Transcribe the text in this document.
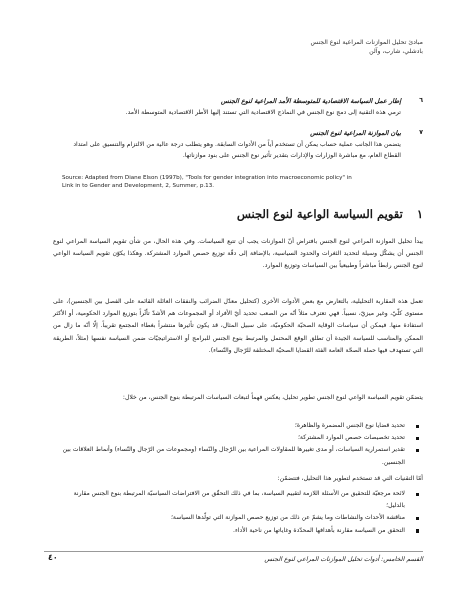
مبادئ تحليل الموازنات المراعية لنوع الجنس
بادشلي، شارب، وآلن
٦
إطار عمل السياسة الاقتصادية للمتوسطة الأمد المراعية لنوع الجنس
ترمي هذه التقنية إلى دمج نوع الجنس في النماذج الاقتصادية التي تستند إليها الأطر الاقتصادية المتوسطة الأمد.
٧
بيان الموازنة المراعية لنوع الجنس
يتضمن هذا الجانب عملية حساب يمكن أن تستخدم أياً من الأدوات السابقة. وهو يتطلب درجة عالية من الالتزام والتنسيق على امتداد القطاع العام، مع مباشرة الوزارات والإدارات بتقدير تأثير نوع الجنس على بنود موازناتها.
Source: Adapted from Diane Elson (1997b), "Tools for gender integration into macroeconomic policy" in Link in to Gender and Development, 2, Summer, p.13.
١ تقويم السياسة الواعية لنوع الجنس
يبدأ تحليل الموازنة المراعي لنوع الجنس بافتراض أنّ الموازنات يجب أن تتبع السياسات. وفي هذه الحال، من شأن تقويم السياسة المراعي لنوع الجنس أن يشكّل وسيلة لتحديد الثغرات والحدود السياسية، بالإضافة إلى دقّة توزيع حصص الموارد المشتركة. وهكذا يكوّن تقويم السياسة الواعي لنوع الجنس رابطاً مباشراً وطبيعياً بين السياسات وتوزيع الموارد.
تعمل هذه المقاربة التحليلية، بالتعارض مع بعض الأدوات الأخرى (كتحليل معدّل الضرائب والنفقات العائلة القائمة على الفصل بين الجنسين)، على مستوى كلّيّ، وغير ميزيّ، نسبياً. فهي تعترف مثلاً أنّه من الصعب تحديد أيّ الأفراد أو المجموعات هم الأشدّ تأثّراً بتوزيع الموارد الحكومية، أو الأكثر استفادة منها. فيمكن أن سياسات الوقاية الصحيّة الحكوميّة، على سبيل المثال، قد يكون تأثيرها منتشراً بغطاء المجتمع تقريباً. إلّا أنّه ما زال من الممكن والمناسب للسياسة الجيدة أن تطلق الوقع المحتمل والمرتبط بنوع الجنس للبرامج أو الاستراتيجيّات ضمن السياسة نفسها (مثلاً، الطريقة التي تستهدف فيها حملة الصحّة العامة الفئة القضايا الصحيّة المختلفة للرّجال والنّساء).
يتضمّن تقويم السياسة الواعي لنوع الجنس تطوير تحليل، يعكس فهماً لتبعات السياسات المرتبطة بنوع الجنس، من خلال:
تحديد قضايا نوع الجنس المضمرة والظاهرة؛
تحديد تخصيصات حصص الموارد المشتركة؛
تقدير استمرارية السياسات، أو مدى تغييرها للمقاولات المراعية بين الرّجال والنّساء (ومجموعات من الرّجال والنّساء) وأنماط العلاقات بين الجنسين.
أمّا التقنيات التي قد تستخدم لتطوير هذا التحليل، فتتضمّن:
لائحة مرجعيّة للتحقيق من الأسئلة اللازمة لتقييم السياسة، بما في ذلك التحقّق من الافتراضات السياسيّة المرتبطة بنوع الجنس مقارنة بالدليل؛
مناقشة الأحداث والنشاطات وما يشمّ عن ذلك من توزيع حصص الموازنة التي تولّدها السياسة؛
التحقق من السياسة مقارنة بأهدافها المحدّدة وغاياتها من ناحية الأداء.
القسم الخامس: أدوات تحليل الموازنات المراعي لنوع الجنس
٤٠
